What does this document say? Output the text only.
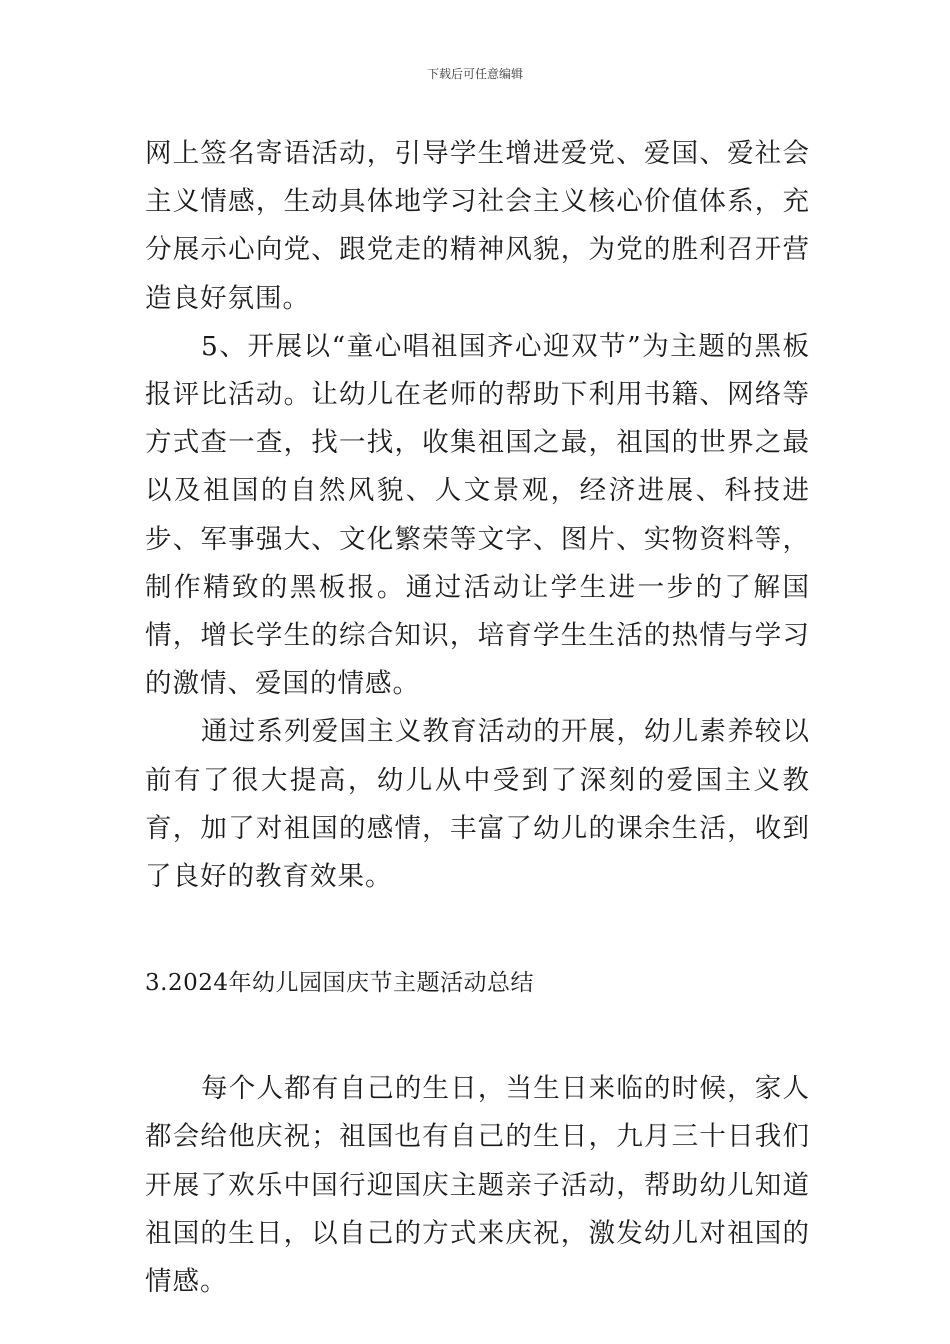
下载后可任意编辑

网上签名寄语活动，引导学生增进爱党、爱国、爱社会主义情感，生动具体地学习社会主义核心价值体系，充分展示心向党、跟党走的精神风貌，为党的胜利召开营造良好氛围。

5、开展以“童心唱祖国齐心迎双节”为主题的黑板报评比活动。让幼儿在老师的帮助下利用书籍、网络等方式查一查，找一找，收集祖国之最，祖国的世界之最以及祖国的自然风貌、人文景观，经济进展、科技进步、军事强大、文化繁荣等文字、图片、实物资料等，制作精致的黑板报。通过活动让学生进一步的了解国情，增长学生的综合知识，培育学生生活的热情与学习的激情、爱国的情感。

通过系列爱国主义教育活动的开展，幼儿素养较以前有了很大提高，幼儿从中受到了深刻的爱国主义教育，加了对祖国的感情，丰富了幼儿的课余生活，收到了良好的教育效果。

3.2024年幼儿园国庆节主题活动总结

每个人都有自己的生日，当生日来临的时候，家人都会给他庆祝；祖国也有自己的生日，九月三十日我们开展了欢乐中国行迎国庆主题亲子活动，帮助幼儿知道祖国的生日，以自己的方式来庆祝，激发幼儿对祖国的情感。
